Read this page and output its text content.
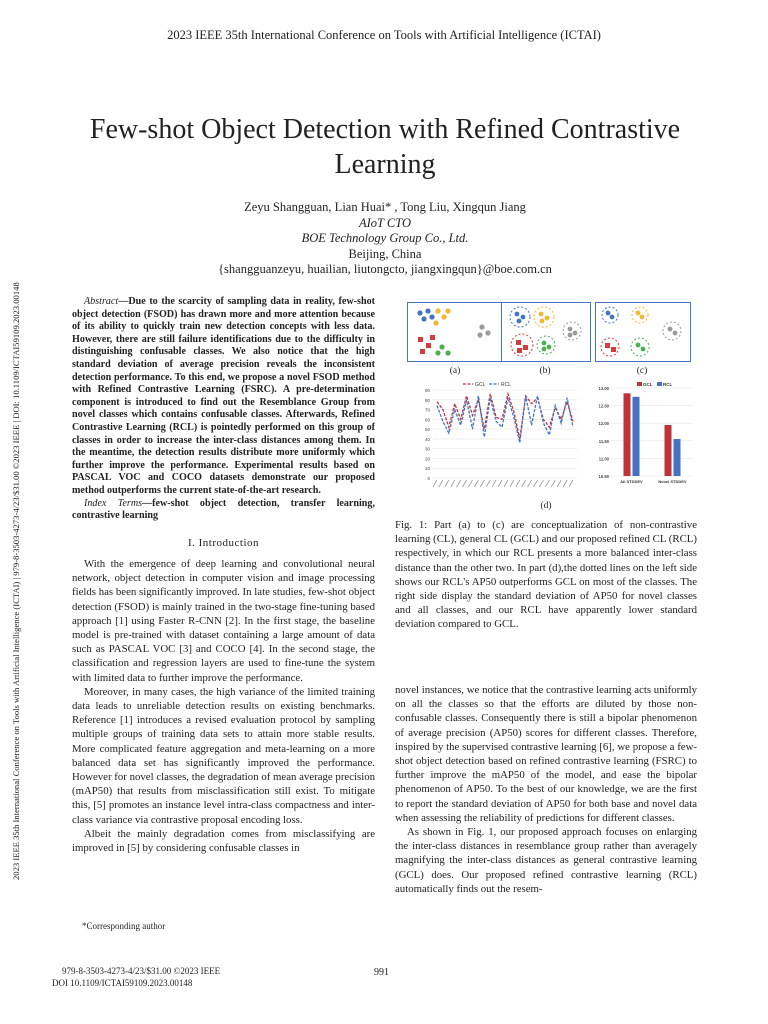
2023 IEEE 35th International Conference on Tools with Artificial Intelligence (ICTAI)
2023 IEEE 35th International Conference on Tools with Artificial Intelligence (ICTAI) | 979-8-3503-4273-4/23/$31.00 ©2023 IEEE | DOI: 10.1109/ICTAI59109.2023.00148
Few-shot Object Detection with Refined Contrastive Learning
Zeyu Shangguan, Lian Huai* , Tong Liu, Xingqun Jiang
AIoT CTO
BOE Technology Group Co., Ltd.
Beijing, China
{shangguanzeyu, huailian, liutongcto, jiangxingqun}@boe.com.cn

Abstract—Due to the scarcity of sampling data in reality, few-shot object detection (FSOD) has drawn more and more attention because of its ability to quickly train new detection concepts with less data. However, there are still failure identifications due to the difficulty in distinguishing confusable classes. We also notice that the high standard deviation of average precision reveals the inconsistent detection performance. To this end, we propose a novel FSOD method with Refined Contrastive Learning (FSRC). A pre-determination component is introduced to find out the Resemblance Group from novel classes which contains confusable classes. Afterwards, Refined Contrastive Learning (RCL) is pointedly performed on this group of classes in order to increase the inter-class distances among them. In the meantime, the detection results distribute more uniformly which further improve the performance. Experimental results based on PASCAL VOC and COCO datasets demonstrate our proposed method outperforms the current state-of-the-art research.

Index Terms—few-shot object detection, transfer learning, contrastive learning

I. Introduction

With the emergence of deep learning and convolutional neural network, object detection in computer vision and image processing fields has been significantly improved. In late studies, few-shot object detection (FSOD) is mainly trained in the two-stage fine-tuning based approach [1] using Faster R-CNN [2]. In the first stage, the baseline model is pre-trained with dataset containing a large amount of data such as PASCAL VOC [3] and COCO [4]. In the second stage, the classification and regression layers are used to fine-tune the system with limited data to further improve the performance.

Moreover, in many cases, the high variance of the limited training data leads to unreliable detection results on existing benchmarks. Reference [1] introduces a revised evaluation protocol by sampling multiple groups of training data sets to attain more stable results. More complicated feature aggregation and meta-learning on a more balanced data set has significantly improved the performance. However for novel classes, the degradation of mean average precision (mAP50) that results from misclassification still exist. To mitigate this, [5] promotes an instance level intra-class compactness and inter-class variance via contrastive proposal encoding loss.

Albeit the mainly degradation comes from misclassifying are improved in [5] by considering confusable classes in

*Corresponding author
979-8-3503-4273-4/23/$31.00 ©2023 IEEE
DOI 10.1109/ICTAI59109.2023.00148
991
(a)	(b)	(c)
0
10
20
30
40
50
60
70
80
90
GCL	RCL
10.50
11.00
11.50
12.00
12.50
13.00
All STDDEV	Novel STDDEV
GCL RCL
(d)
Fig. 1: Part (a) to (c) are conceptualization of non-contrastive learning (CL), general CL (GCL) and our proposed refined CL (RCL) respectively, in which our RCL presents a more balanced inter-class distance than the other two. In part (d),the dotted lines on the left side shows our RCL's AP50 outperforms GCL on most of the classes. The right side display the standard deviation of AP50 for novel classes and all classes, and our RCL have apparently lower standard deviation compared to GCL.

novel instances, we notice that the contrastive learning acts uniformly on all the classes so that the efforts are diluted by those non-confusable classes. Consequently there is still a bipolar phenomenon of average precision (AP50) scores for different classes. Therefore, inspired by the supervised contrastive learning [6], we propose a few-shot object detection based on refined contrastive learning (FSRC) to further improve the mAP50 of the model, and ease the bipolar phenomenon of AP50. To the best of our knowledge, we are the first to report the standard deviation of AP50 for both base and novel data when assessing the reliability of predictions for different classes.

As shown in Fig. 1, our proposed approach focuses on enlarging the inter-class distances in resemblance group rather than averagely magnifying the inter-class distances as general contrastive learning (GCL) does. Our proposed refined contrastive learning (RCL) automatically finds out the resem-
